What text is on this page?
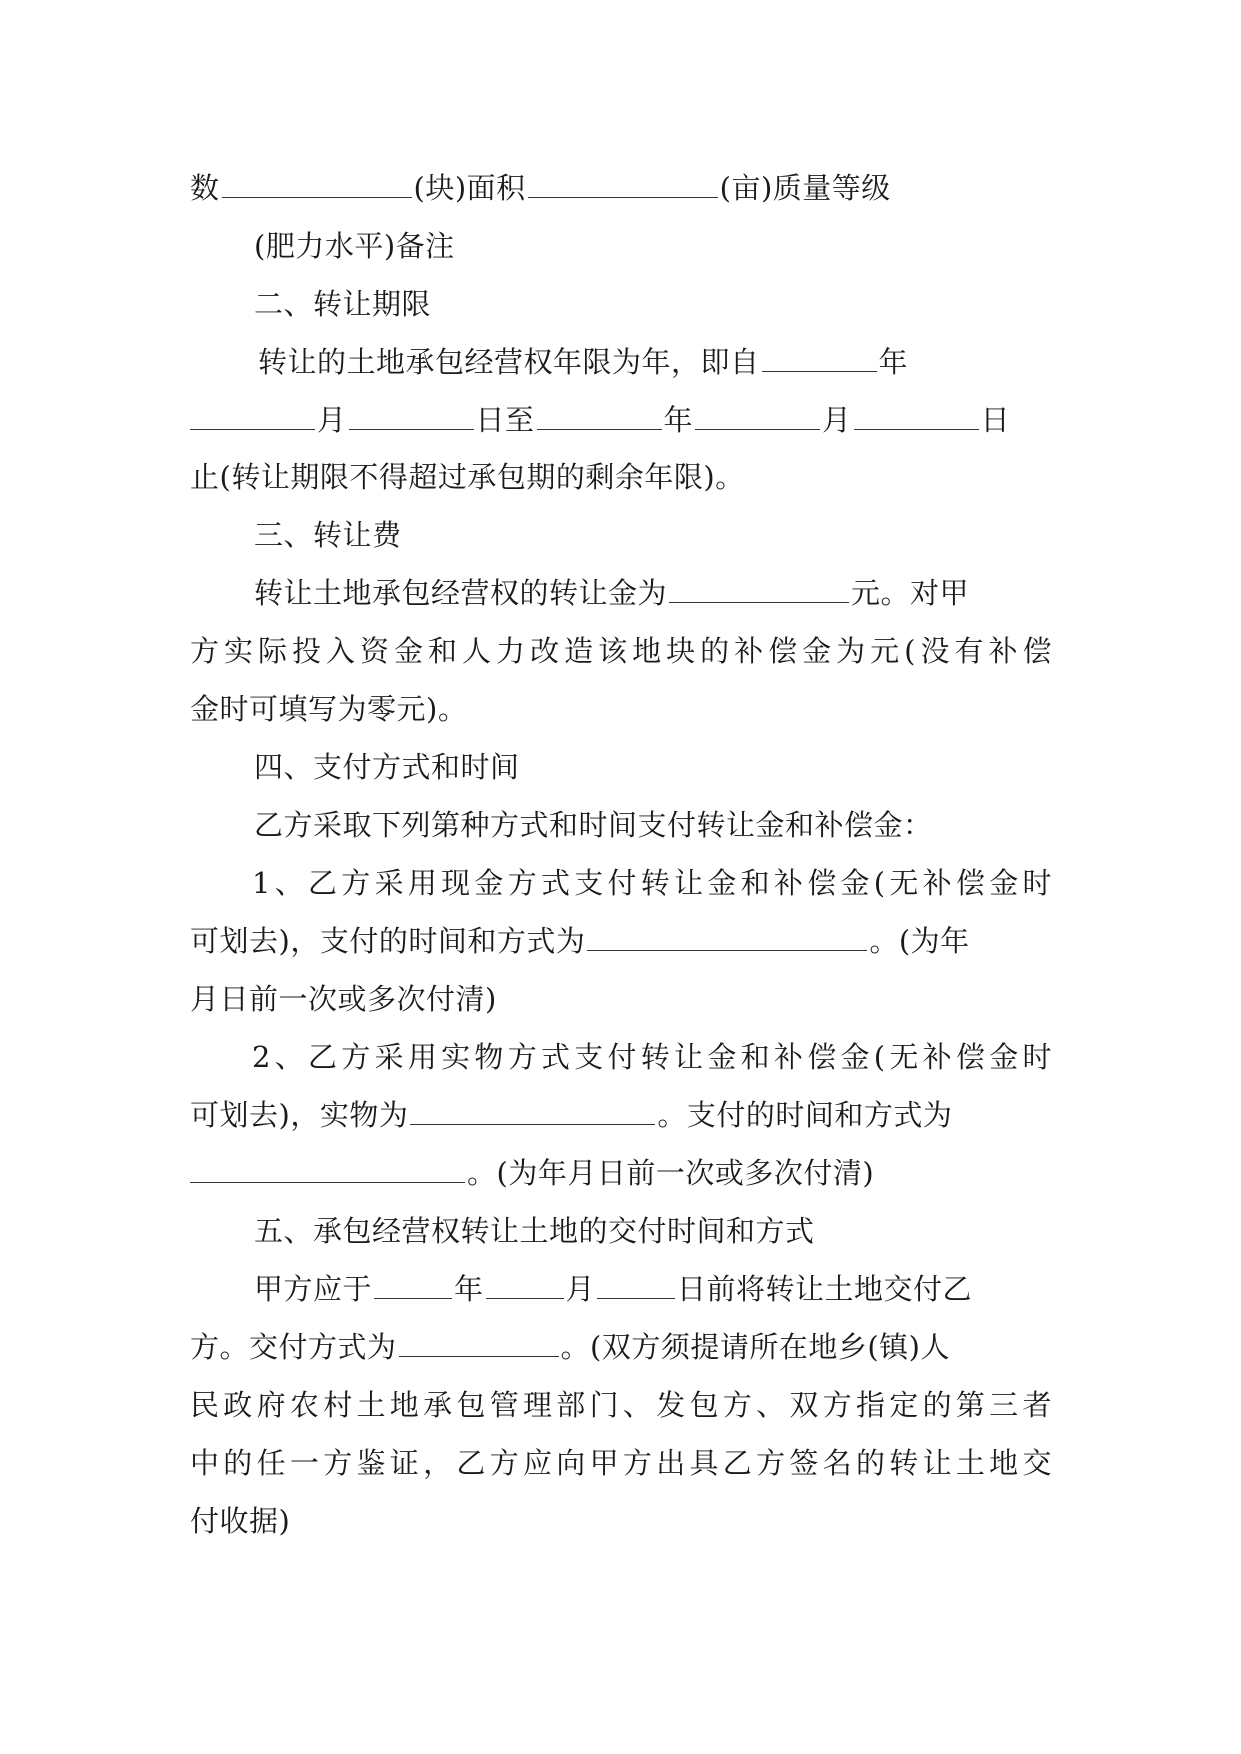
数	(块)面积	(亩)质量等级
(肥力水平)备注
二、转让期限
转让的土地承包经营权年限为年，即自	年
月	日至	年	月	日
止(转让期限不得超过承包期的剩余年限)。
三、转让费
转让土地承包经营权的转让金为	元。对甲
方实际投入资金和人力改造该地块的补偿金为元(没有补偿
金时可填写为零元)。
四、支付方式和时间
乙方采取下列第种方式和时间支付转让金和补偿金：
1、乙方采用现金方式支付转让金和补偿金(无补偿金时
可划去)，支付的时间和方式为	。(为年
月日前一次或多次付清)
2、乙方采用实物方式支付转让金和补偿金(无补偿金时
可划去)，实物为	。支付的时间和方式为
。(为年月日前一次或多次付清)
五、承包经营权转让土地的交付时间和方式
甲方应于	年	月	日前将转让土地交付乙
方。交付方式为	。(双方须提请所在地乡(镇)人
民政府农村土地承包管理部门、发包方、双方指定的第三者
中的任一方鉴证，乙方应向甲方出具乙方签名的转让土地交
付收据)
